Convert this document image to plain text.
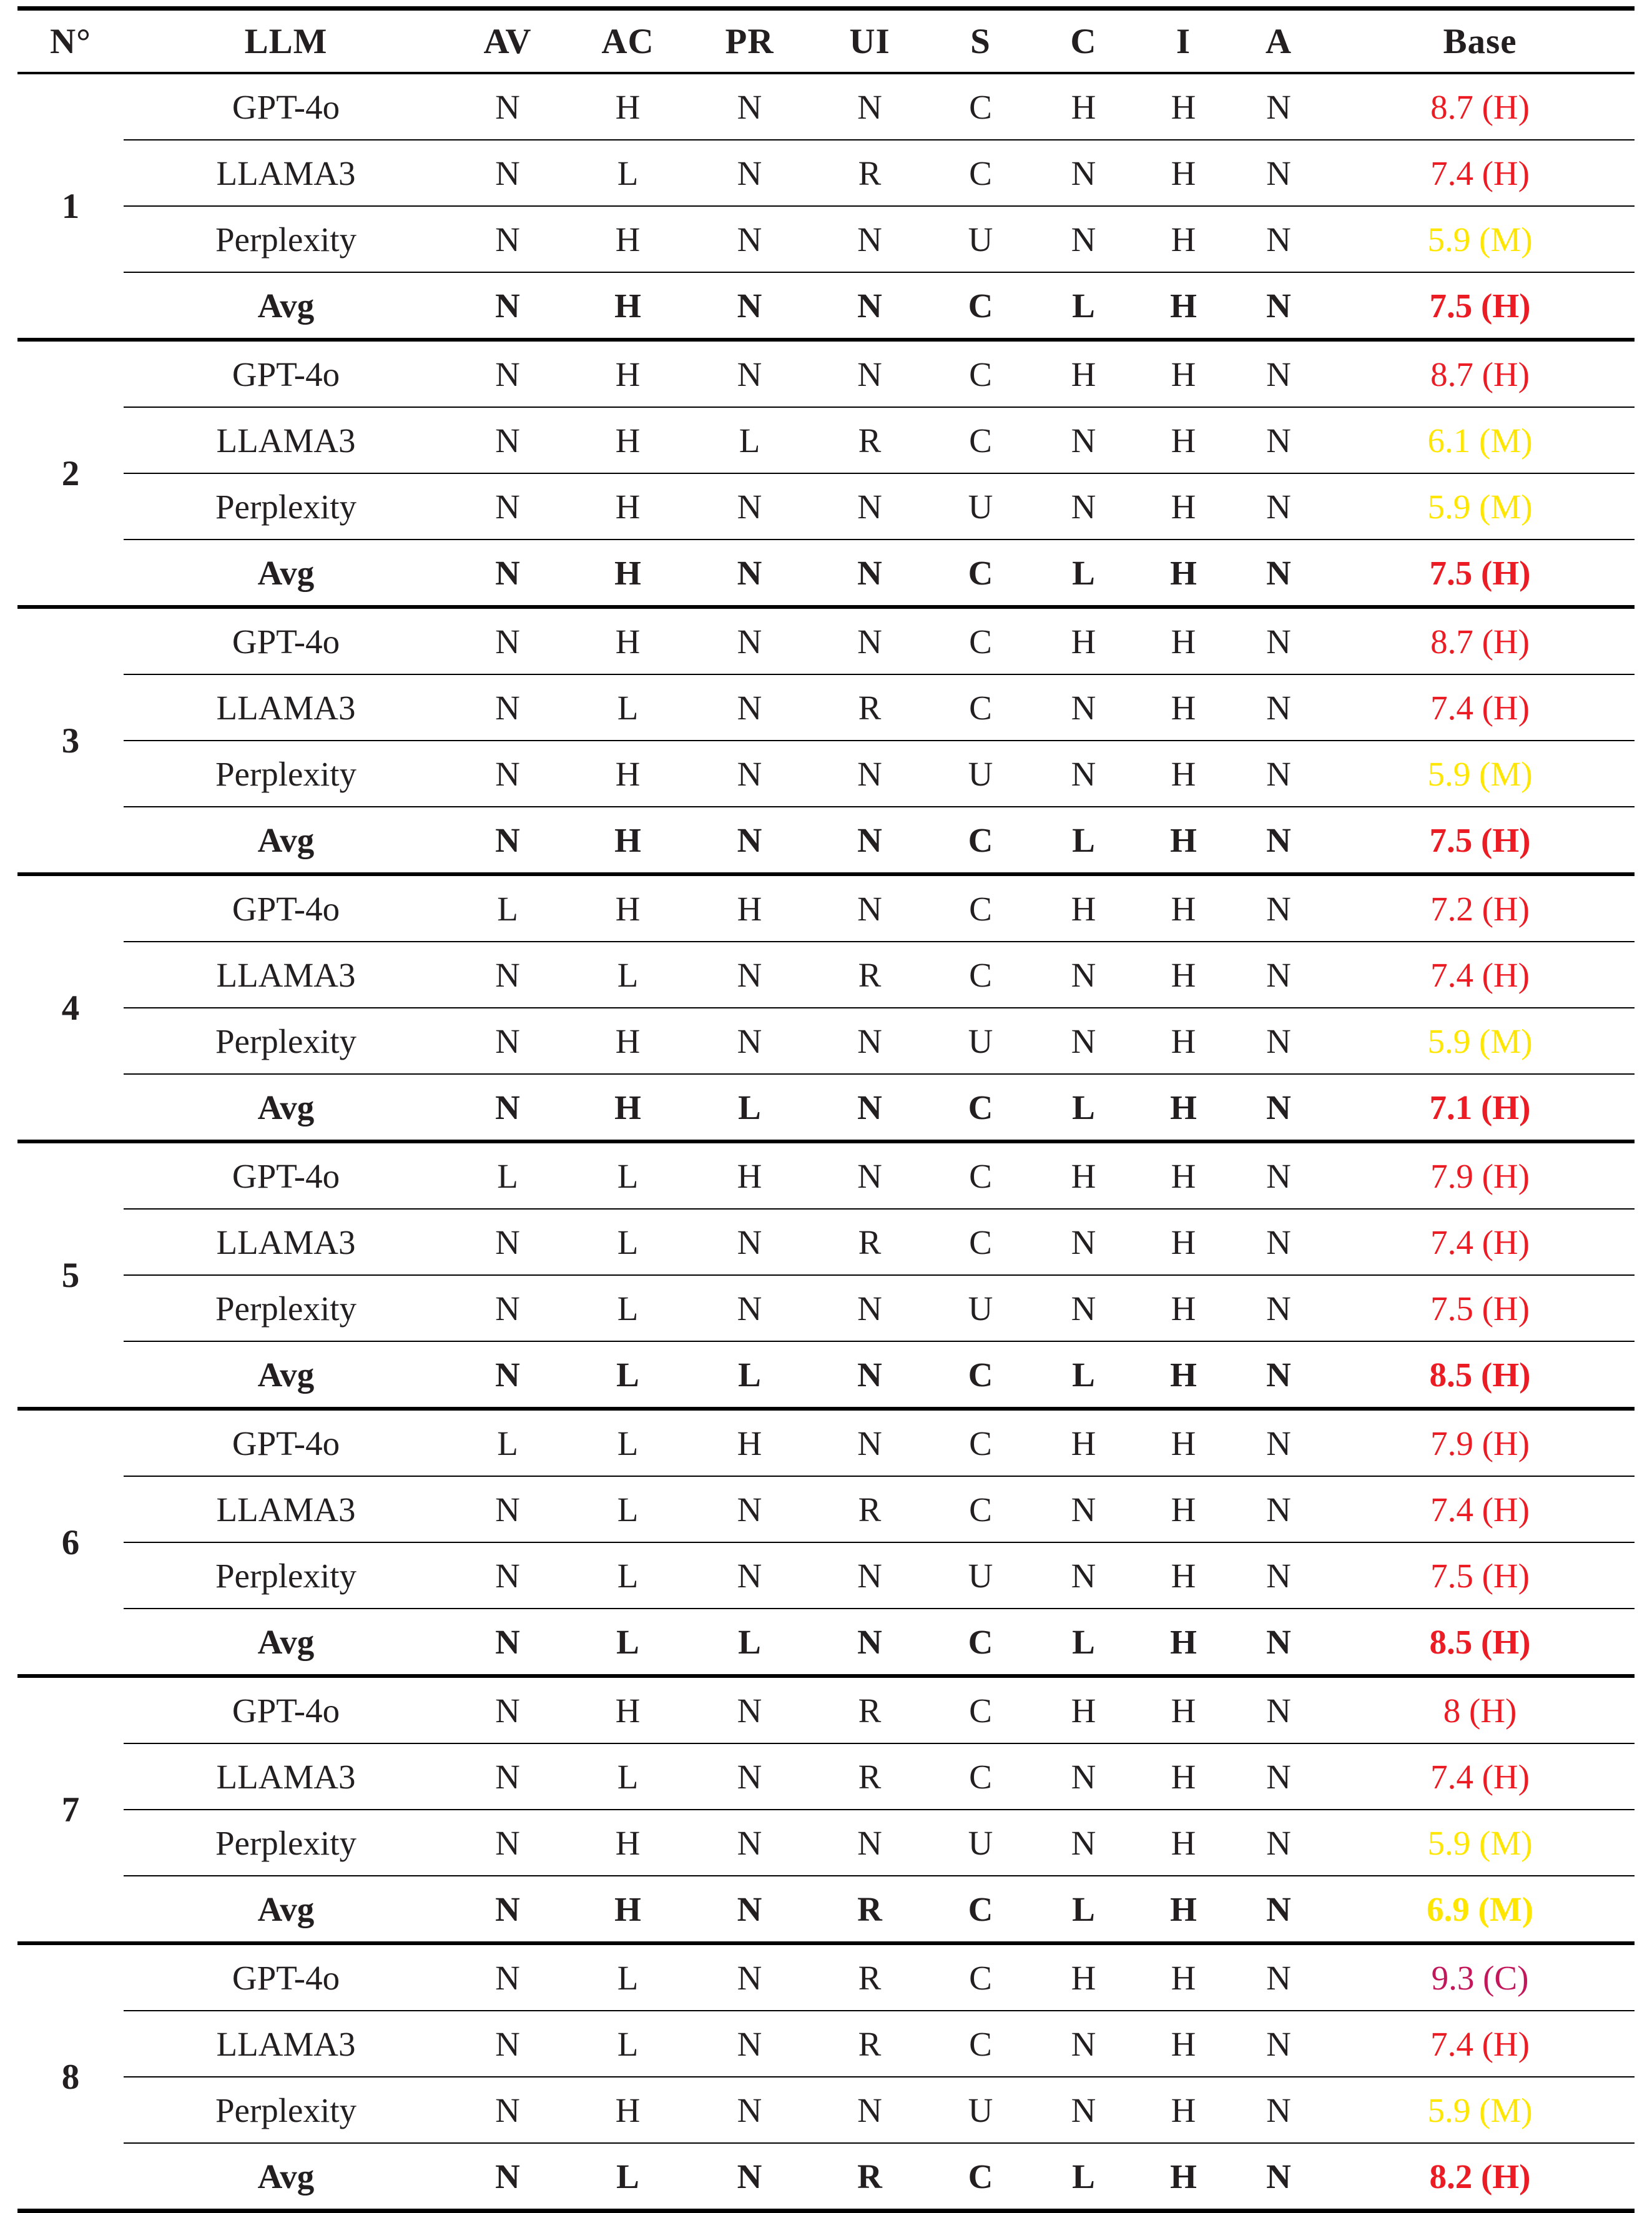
N°	LLM	AV	AC	PR	UI	S	C	I	A	Base
1	GPT-4o	N	H	N	N	C	H	H	N	8.7 (H)
	LLAMA3	N	L	N	R	C	N	H	N	7.4 (H)
	Perplexity	N	H	N	N	U	N	H	N	5.9 (M)
	Avg	N	H	N	N	C	L	H	N	7.5 (H)
2	GPT-4o	N	H	N	N	C	H	H	N	8.7 (H)
	LLAMA3	N	H	L	R	C	N	H	N	6.1 (M)
	Perplexity	N	H	N	N	U	N	H	N	5.9 (M)
	Avg	N	H	N	N	C	L	H	N	7.5 (H)
3	GPT-4o	N	H	N	N	C	H	H	N	8.7 (H)
	LLAMA3	N	L	N	R	C	N	H	N	7.4 (H)
	Perplexity	N	H	N	N	U	N	H	N	5.9 (M)
	Avg	N	H	N	N	C	L	H	N	7.5 (H)
4	GPT-4o	L	H	H	N	C	H	H	N	7.2 (H)
	LLAMA3	N	L	N	R	C	N	H	N	7.4 (H)
	Perplexity	N	H	N	N	U	N	H	N	5.9 (M)
	Avg	N	H	L	N	C	L	H	N	7.1 (H)
5	GPT-4o	L	L	H	N	C	H	H	N	7.9 (H)
	LLAMA3	N	L	N	R	C	N	H	N	7.4 (H)
	Perplexity	N	L	N	N	U	N	H	N	7.5 (H)
	Avg	N	L	L	N	C	L	H	N	8.5 (H)
6	GPT-4o	L	L	H	N	C	H	H	N	7.9 (H)
	LLAMA3	N	L	N	R	C	N	H	N	7.4 (H)
	Perplexity	N	L	N	N	U	N	H	N	7.5 (H)
	Avg	N	L	L	N	C	L	H	N	8.5 (H)
7	GPT-4o	N	H	N	R	C	H	H	N	8 (H)
	LLAMA3	N	L	N	R	C	N	H	N	7.4 (H)
	Perplexity	N	H	N	N	U	N	H	N	5.9 (M)
	Avg	N	H	N	R	C	L	H	N	6.9 (M)
8	GPT-4o	N	L	N	R	C	H	H	N	9.3 (C)
	LLAMA3	N	L	N	R	C	N	H	N	7.4 (H)
	Perplexity	N	H	N	N	U	N	H	N	5.9 (M)
	Avg	N	L	N	R	C	L	H	N	8.2 (H)
